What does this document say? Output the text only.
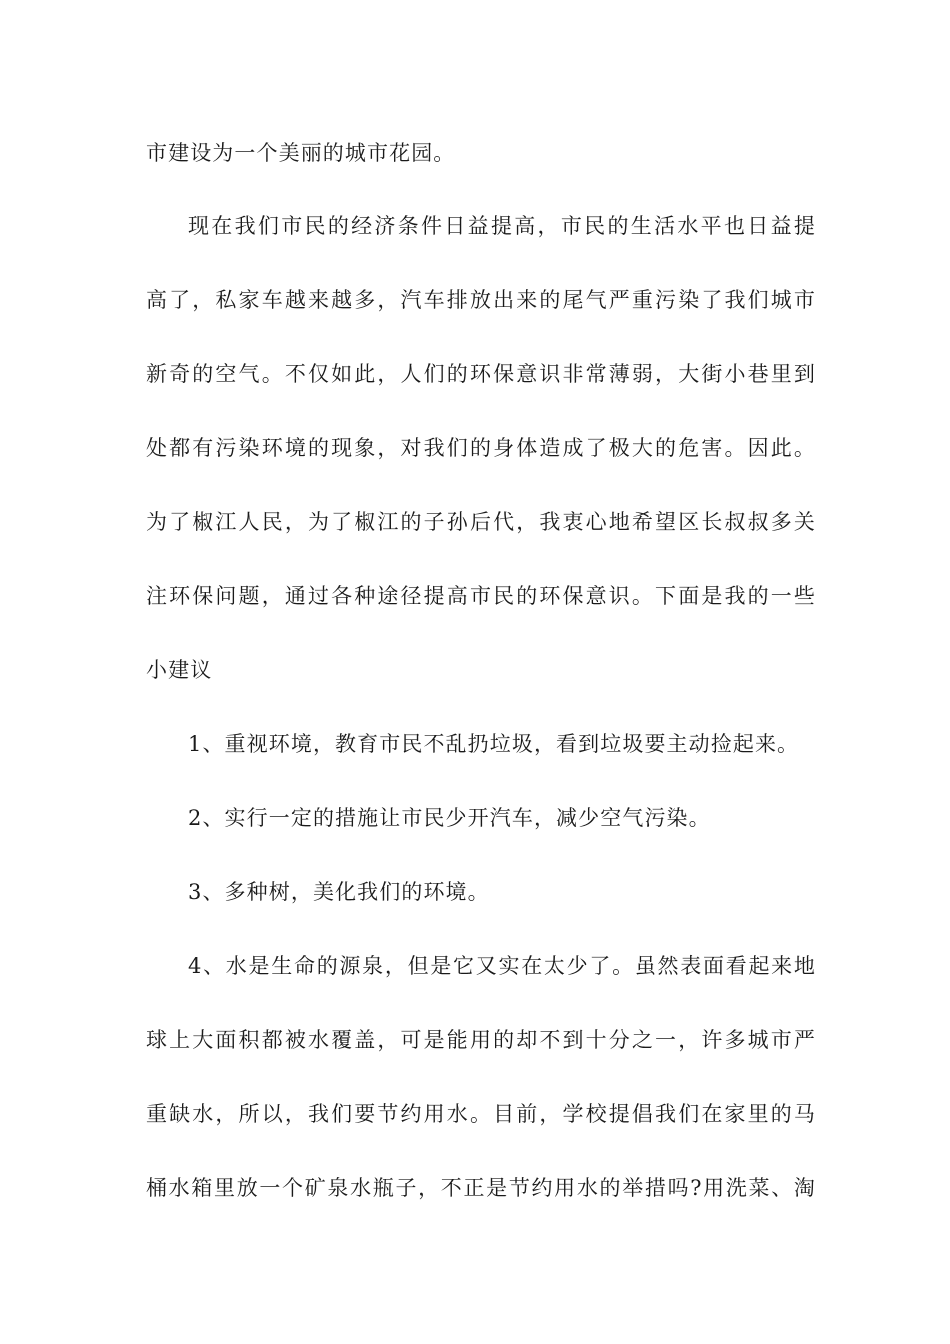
市建设为一个美丽的城市花园。
现在我们市民的经济条件日益提高，市民的生活水平也日益提
高了，私家车越来越多，汽车排放出来的尾气严重污染了我们城市
新奇的空气。不仅如此，人们的环保意识非常薄弱，大街小巷里到
处都有污染环境的现象，对我们的身体造成了极大的危害。因此。
为了椒江人民，为了椒江的子孙后代，我衷心地希望区长叔叔多关
注环保问题，通过各种途径提高市民的环保意识。下面是我的一些
小建议
1、重视环境，教育市民不乱扔垃圾，看到垃圾要主动捡起来。
2、实行一定的措施让市民少开汽车，减少空气污染。
3、多种树，美化我们的环境。
4、水是生命的源泉，但是它又实在太少了。虽然表面看起来地
球上大面积都被水覆盖，可是能用的却不到十分之一，许多城市严
重缺水，所以，我们要节约用水。目前，学校提倡我们在家里的马
桶水箱里放一个矿泉水瓶子，不正是节约用水的举措吗?用洗菜、淘
